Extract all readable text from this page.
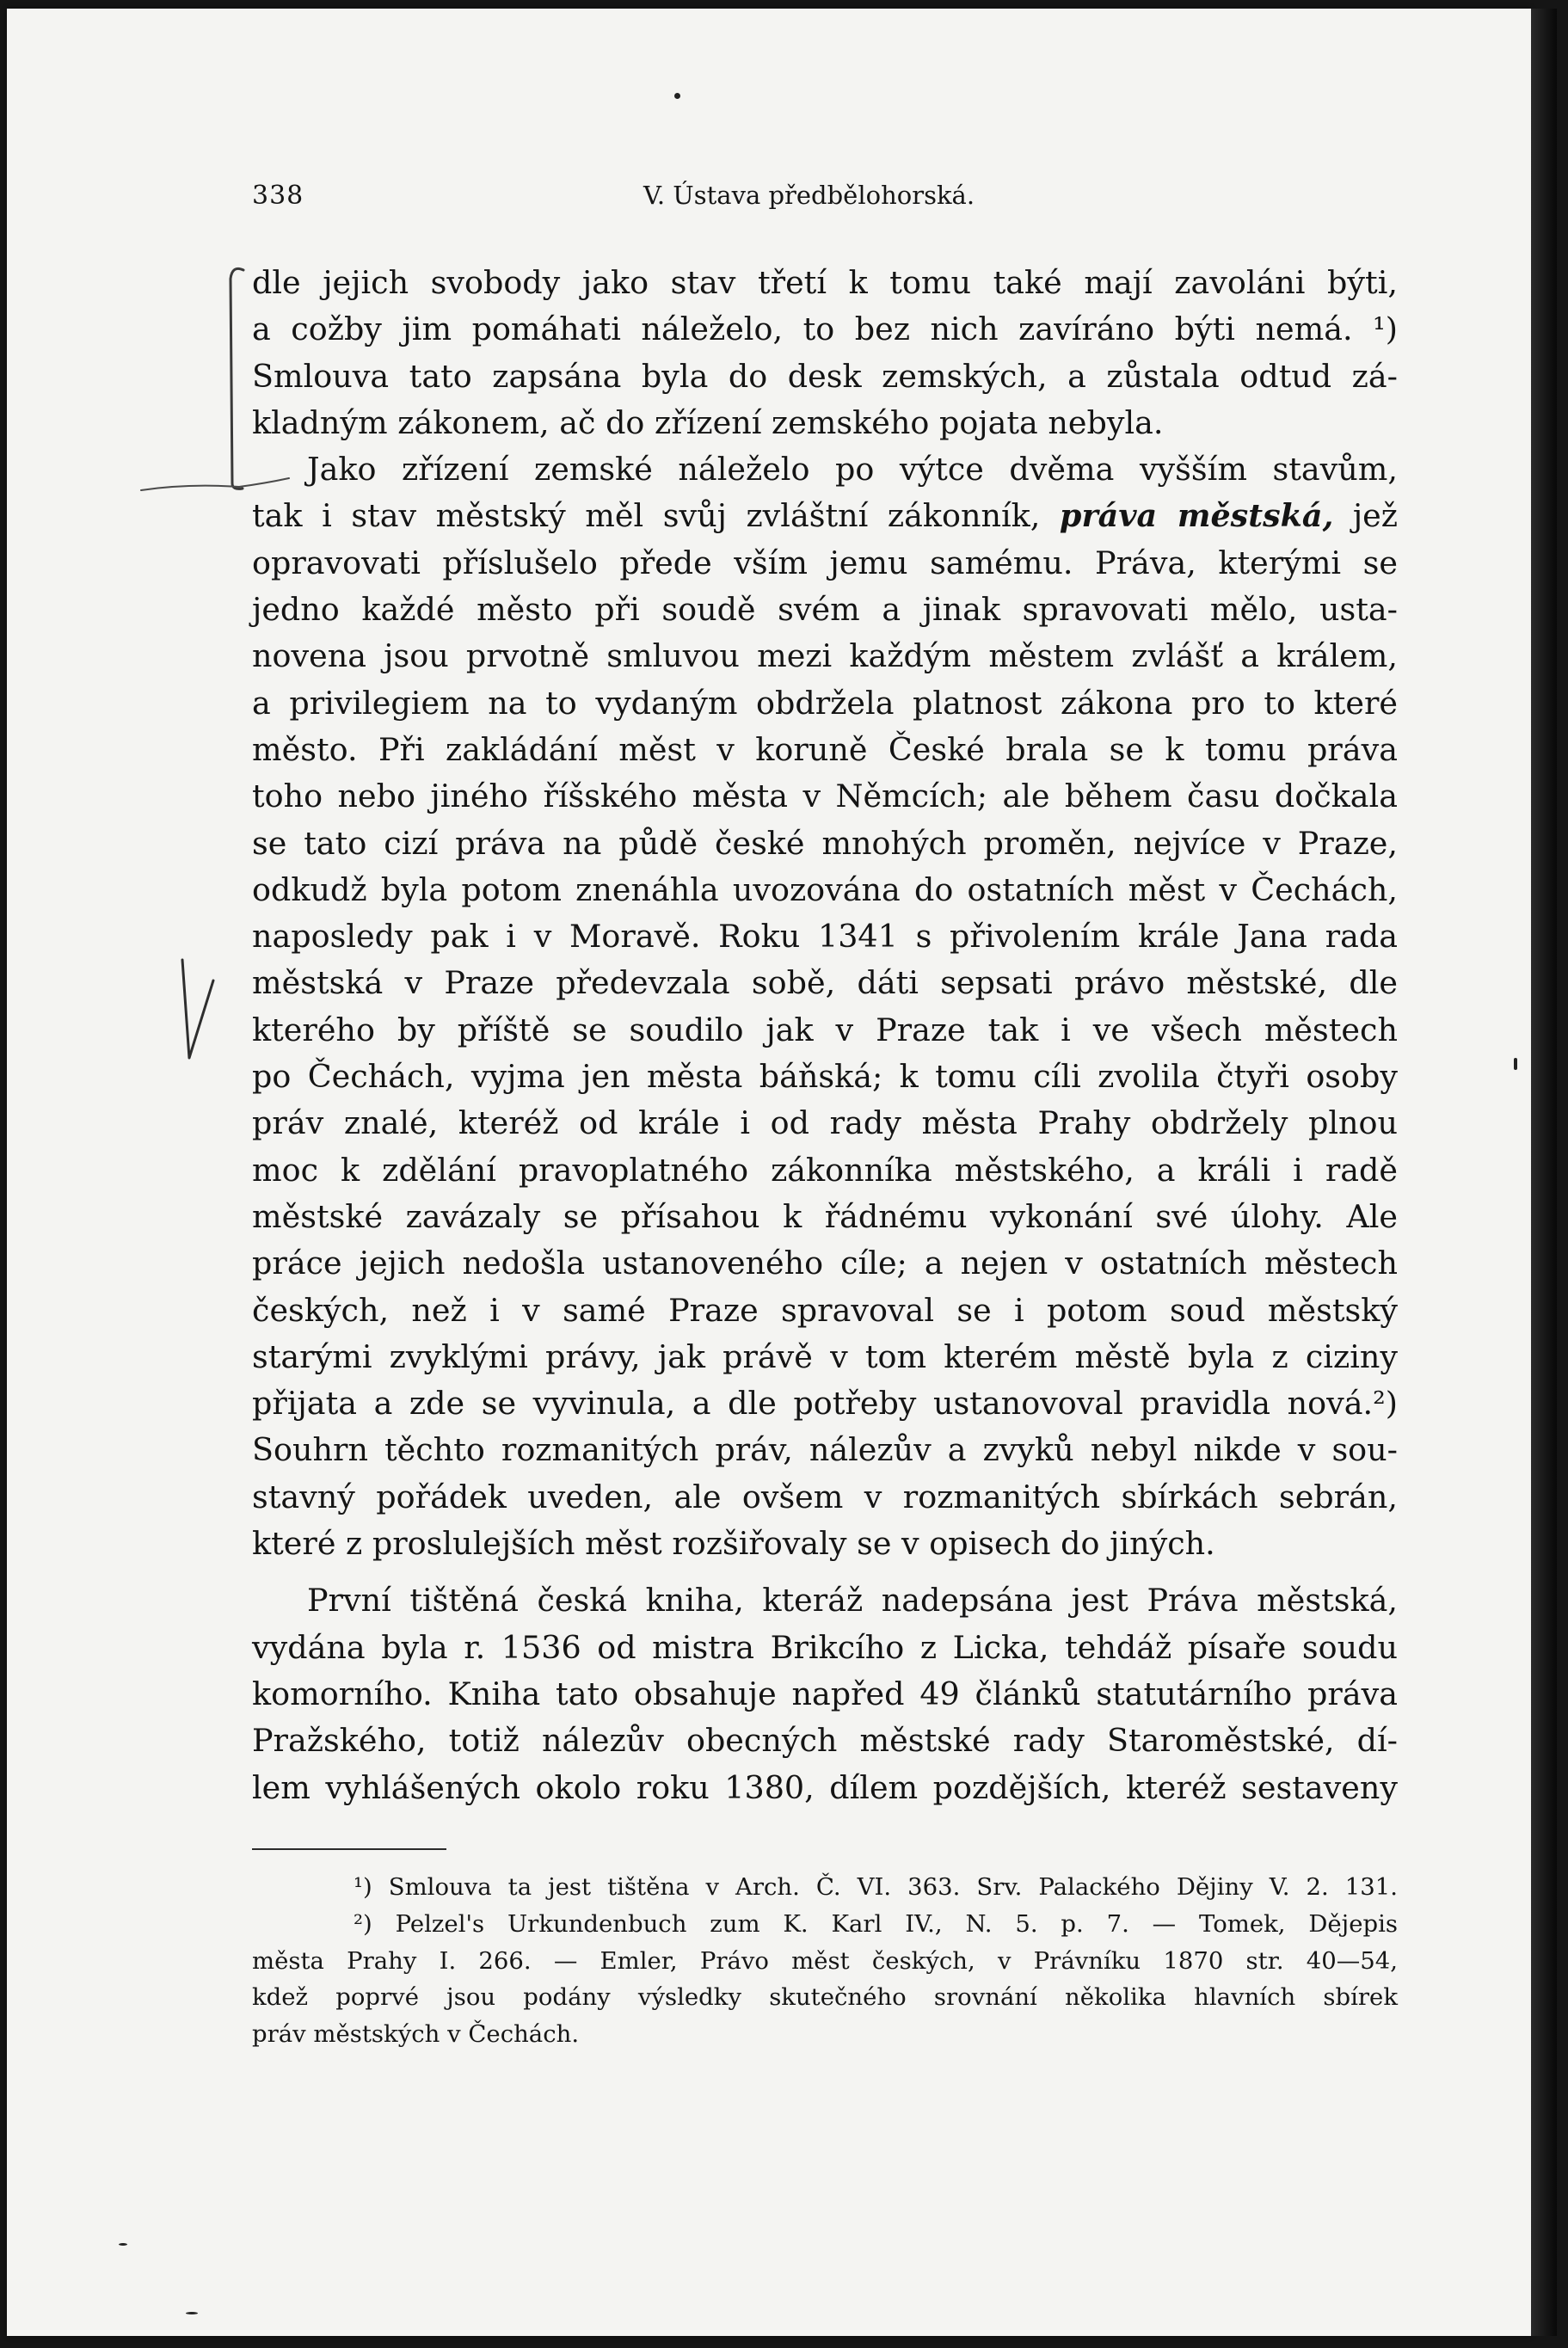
338	V. Ústava předbělohorská.
dle jejich svobody jako stav třetí k tomu také mají zavoláni býti,
a cožby jim pomáhati náleželo, to bez nich zavíráno býti nemá. ¹)
Smlouva tato zapsána byla do desk zemských, a zůstala odtud zá-
kladným zákonem, ač do zřízení zemského pojata nebyla.
Jako zřízení zemské náleželo po výtce dvěma vyšším stavům,
tak i stav městský měl svůj zvláštní zákonník, práva městská, jež
opravovati příslušelo přede vším jemu samému. Práva, kterými se
jedno každé město při soudě svém a jinak spravovati mělo, usta-
novena jsou prvotně smluvou mezi každým městem zvlášť a králem,
a privilegiem na to vydaným obdržela platnost zákona pro to které
město. Při zakládání měst v koruně České brala se k tomu práva
toho nebo jiného říšského města v Němcích; ale během času dočkala
se tato cizí práva na půdě české mnohých proměn, nejvíce v Praze,
odkudž byla potom znenáhla uvozována do ostatních měst v Čechách,
naposledy pak i v Moravě. Roku 1341 s přivolením krále Jana rada
městská v Praze předevzala sobě, dáti sepsati právo městské, dle
kterého by příště se soudilo jak v Praze tak i ve všech městech
po Čechách, vyjma jen města báňská; k tomu cíli zvolila čtyři osoby
práv znalé, kteréž od krále i od rady města Prahy obdržely plnou
moc k zdělání pravoplatného zákonníka městského, a králi i radě
městské zavázaly se přísahou k řádnému vykonání své úlohy. Ale
práce jejich nedošla ustanoveného cíle; a nejen v ostatních městech
českých, než i v samé Praze spravoval se i potom soud městský
starými zvyklými právy, jak právě v tom kterém městě byla z ciziny
přijata a zde se vyvinula, a dle potřeby ustanovoval pravidla nová.²)
Souhrn těchto rozmanitých práv, nálezův a zvyků nebyl nikde v sou-
stavný pořádek uveden, ale ovšem v rozmanitých sbírkách sebrán,
které z proslulejších měst rozšiřovaly se v opisech do jiných.
První tištěná česká kniha, kteráž nadepsána jest Práva městská,
vydána byla r. 1536 od mistra Brikcího z Licka, tehdáž písaře soudu
komorního. Kniha tato obsahuje napřed 49 článků statutárního práva
Pražského, totiž nálezův obecných městské rady Staroměstské, dí-
lem vyhlášených okolo roku 1380, dílem pozdějších, kteréž sestaveny
¹) Smlouva ta jest tištěna v Arch. Č. VI. 363. Srv. Palackého Dějiny V. 2. 131.
²) Pelzel's Urkundenbuch zum K. Karl IV., N. 5. p. 7. — Tomek, Dějepis
města Prahy I. 266. — Emler, Právo měst českých, v Právníku 1870 str. 40—54,
kdež poprvé jsou podány výsledky skutečného srovnání několika hlavních sbírek
práv městských v Čechách.
